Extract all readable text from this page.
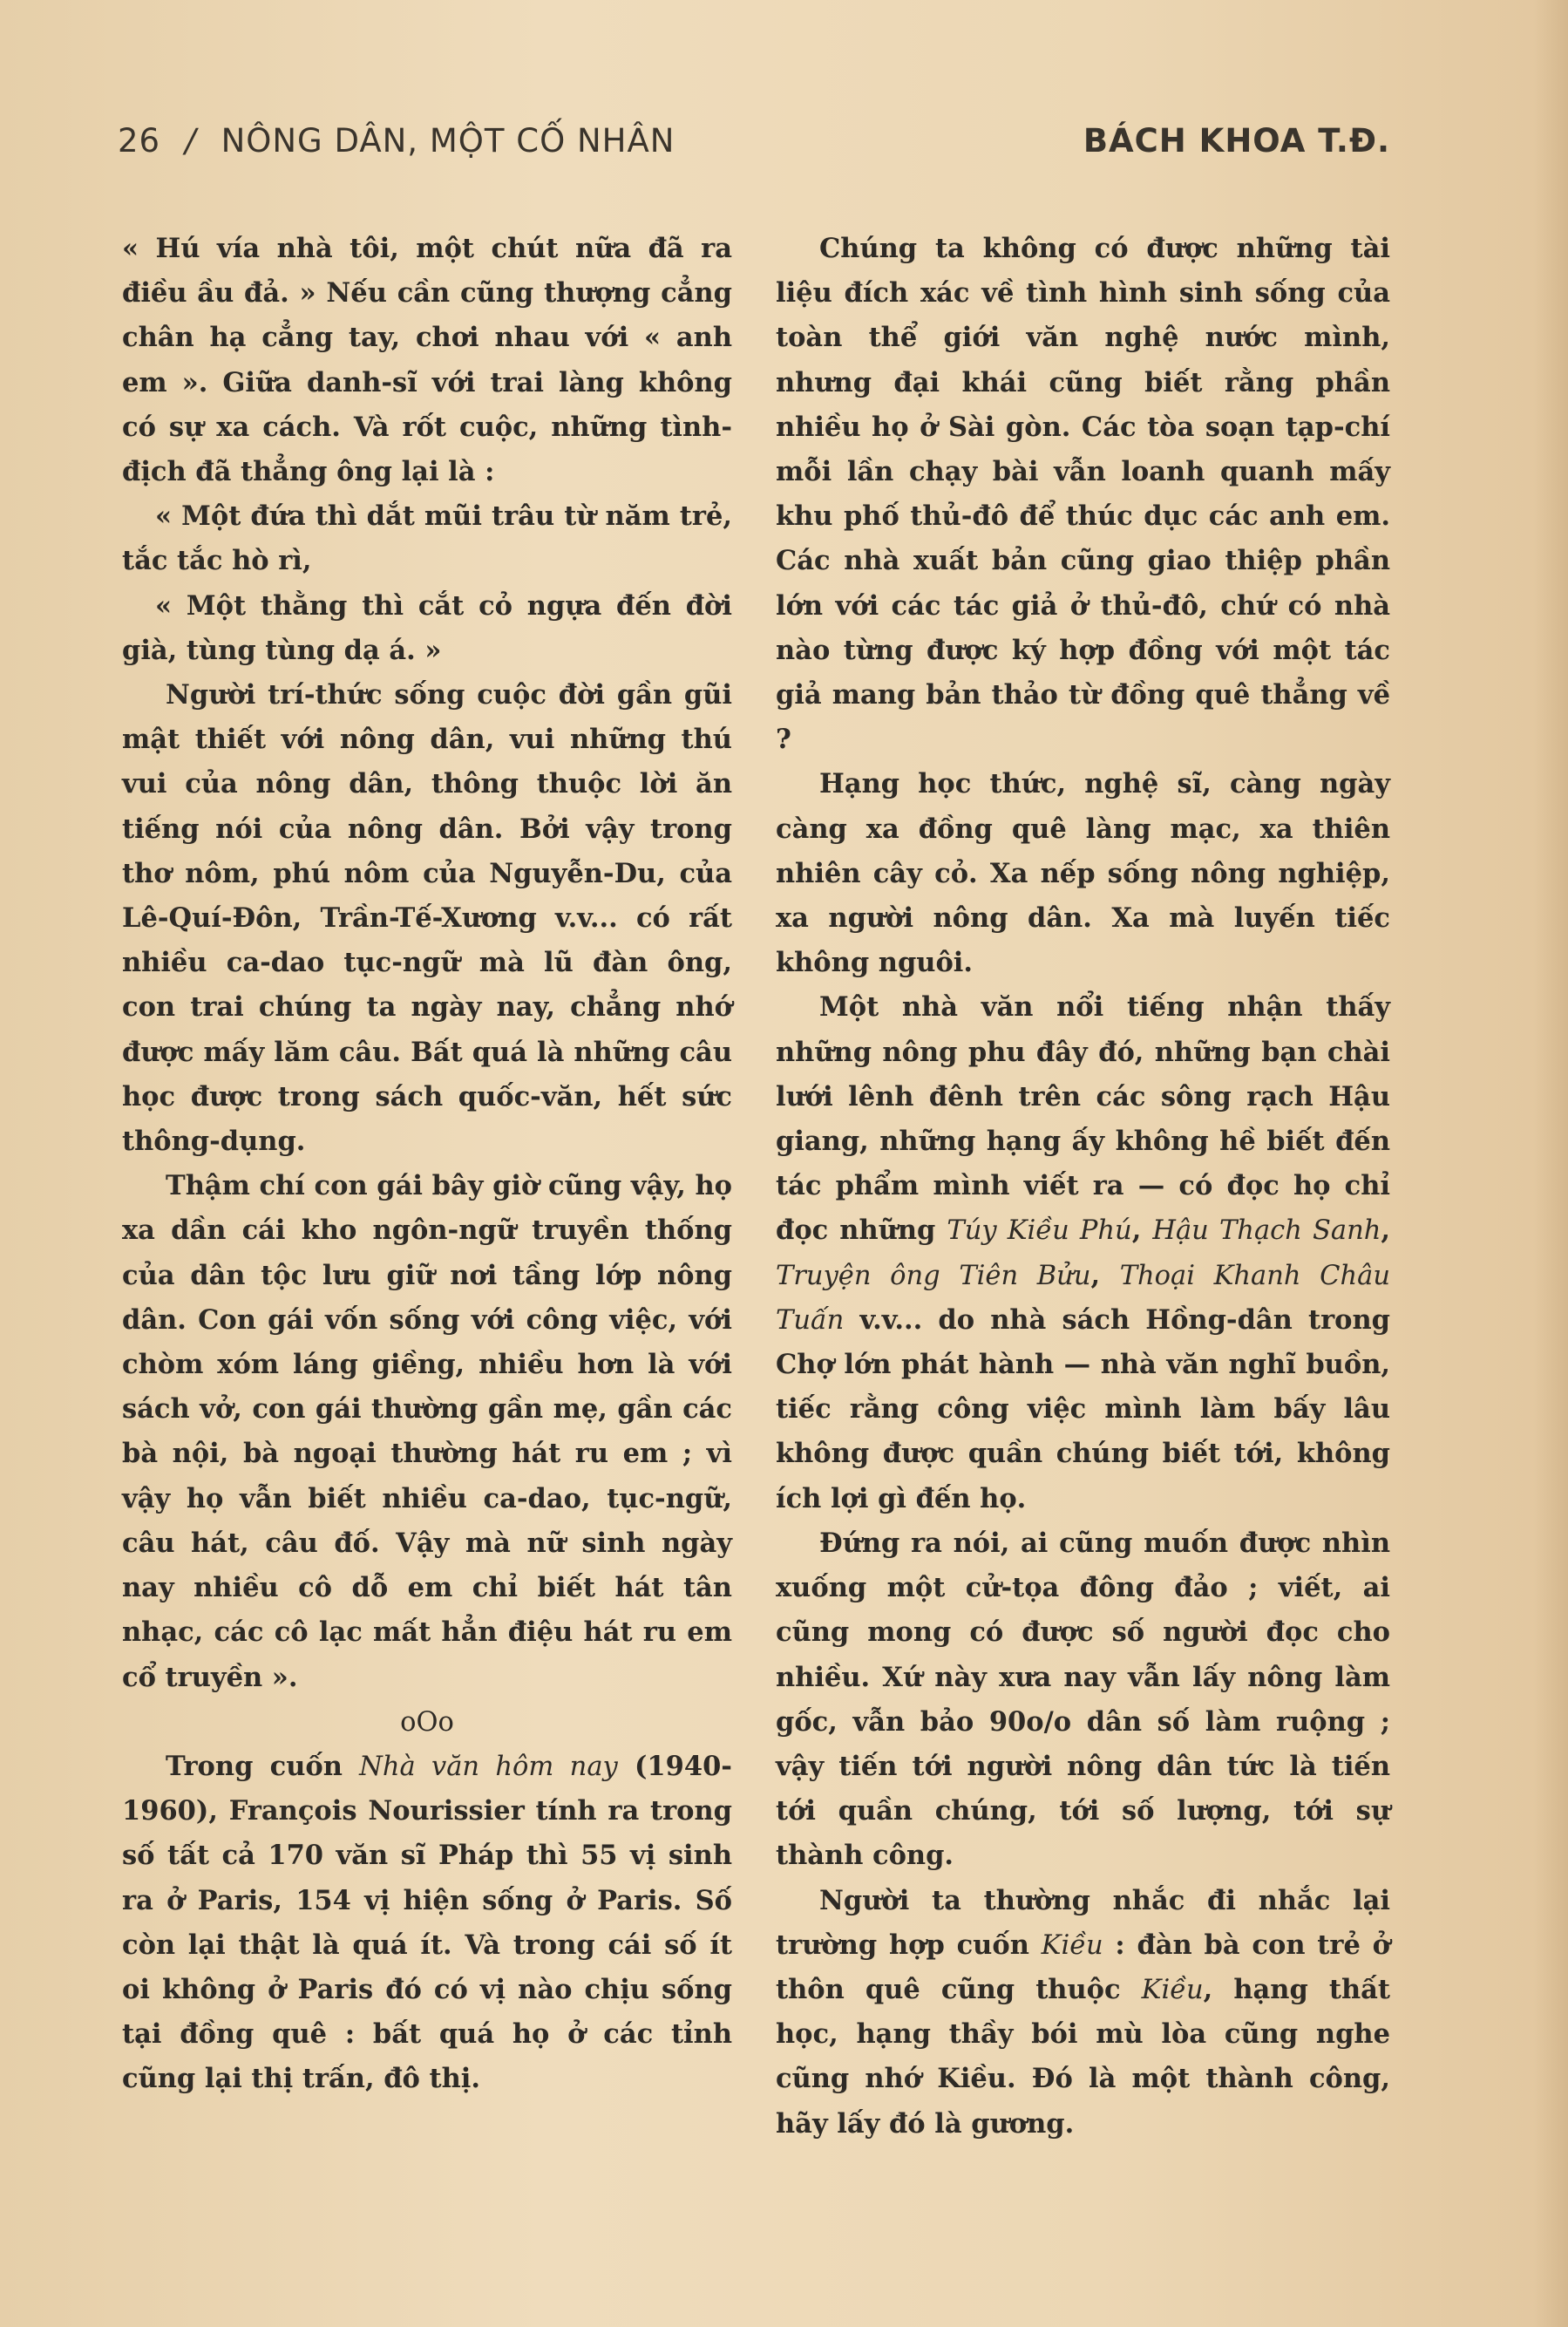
26 / NÔNG DÂN, MỘT CỐ NHÂN	BÁCH KHOA T.Đ.

« Hú vía nhà tôi, một chút nữa đã ra điều ầu đả. » Nếu cần cũng thượng cẳng chân hạ cẳng tay, chơi nhau với « anh em ». Giữa danh-sĩ với trai làng không có sự xa cách. Và rốt cuộc, những tình-địch đã thẳng ông lại là :

« Một đứa thì dắt mũi trâu từ năm trẻ, tắc tắc hò rì,

« Một thằng thì cắt cỏ ngựa đến đời già, tùng tùng dạ á. »

Người trí-thức sống cuộc đời gần gũi mật thiết với nông dân, vui những thú vui của nông dân, thông thuộc lời ăn tiếng nói của nông dân. Bởi vậy trong thơ nôm, phú nôm của Nguyễn-Du, của Lê-Quí-Đôn, Trần-Tế-Xương v.v... có rất nhiều ca-dao tục-ngữ mà lũ đàn ông, con trai chúng ta ngày nay, chẳng nhớ được mấy lăm câu. Bất quá là những câu học được trong sách quốc-văn, hết sức thông-dụng.

Thậm chí con gái bây giờ cũng vậy, họ xa dần cái kho ngôn-ngữ truyền thống của dân tộc lưu giữ nơi tầng lớp nông dân. Con gái vốn sống với công việc, với chòm xóm láng giềng, nhiều hơn là với sách vở, con gái thường gần mẹ, gần các bà nội, bà ngoại thường hát ru em ; vì vậy họ vẫn biết nhiều ca-dao, tục-ngữ, câu hát, câu đố. Vậy mà nữ sinh ngày nay nhiều cô dỗ em chỉ biết hát tân nhạc, các cô lạc mất hẳn điệu hát ru em cổ truyền ».

oOo

Trong cuốn Nhà văn hôm nay (1940-1960), François Nourissier tính ra trong số tất cả 170 văn sĩ Pháp thì 55 vị sinh ra ở Paris, 154 vị hiện sống ở Paris. Số còn lại thật là quá ít. Và trong cái số ít oi không ở Paris đó có vị nào chịu sống tại đồng quê : bất quá họ ở các tỉnh cũng lại thị trấn, đô thị.

Chúng ta không có được những tài liệu đích xác về tình hình sinh sống của toàn thể giới văn nghệ nước mình, nhưng đại khái cũng biết rằng phần nhiều họ ở Sài gòn. Các tòa soạn tạp-chí mỗi lần chạy bài vẫn loanh quanh mấy khu phố thủ-đô để thúc dục các anh em. Các nhà xuất bản cũng giao thiệp phần lớn với các tác giả ở thủ-đô, chứ có nhà nào từng được ký hợp đồng với một tác giả mang bản thảo từ đồng quê thẳng về ?

Hạng học thức, nghệ sĩ, càng ngày càng xa đồng quê làng mạc, xa thiên nhiên cây cỏ. Xa nếp sống nông nghiệp, xa người nông dân. Xa mà luyến tiếc không nguôi.

Một nhà văn nổi tiếng nhận thấy những nông phu đây đó, những bạn chài lưới lênh đênh trên các sông rạch Hậu giang, những hạng ấy không hề biết đến tác phẩm mình viết ra — có đọc họ chỉ đọc những Túy Kiều Phú, Hậu Thạch Sanh, Truyện ông Tiên Bửu, Thoại Khanh Châu Tuấn v.v... do nhà sách Hồng-dân trong Chợ lớn phát hành — nhà văn nghĩ buồn, tiếc rằng công việc mình làm bấy lâu không được quần chúng biết tới, không ích lợi gì đến họ.

Đứng ra nói, ai cũng muốn được nhìn xuống một cử-tọa đông đảo ; viết, ai cũng mong có được số người đọc cho nhiều. Xứ này xưa nay vẫn lấy nông làm gốc, vẫn bảo 90o/o dân số làm ruộng ; vậy tiến tới người nông dân tức là tiến tới quần chúng, tới số lượng, tới sự thành công.

Người ta thường nhắc đi nhắc lại trường hợp cuốn Kiều : đàn bà con trẻ ở thôn quê cũng thuộc Kiều, hạng thất học, hạng thầy bói mù lòa cũng nghe cũng nhớ Kiều. Đó là một thành công, hãy lấy đó là gương.
